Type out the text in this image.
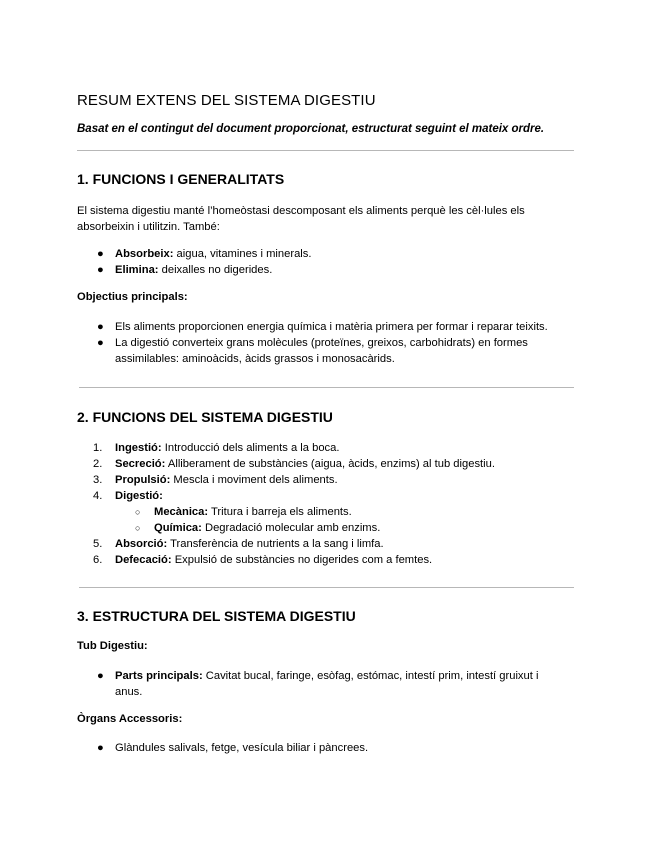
RESUM EXTENS DEL SISTEMA DIGESTIU

Basat en el contingut del document proporcionat, estructurat seguint el mateix ordre.

1. FUNCIONS I GENERALITATS

El sistema digestiu manté l’homeòstasi descomposant els aliments perquè les cèl·lules els
absorbeixin i utilitzin. També:

●	Absorbeix: aigua, vitamines i minerals.
●	Elimina: deixalles no digerides.

Objectius principals:

●	Els aliments proporcionen energia química i matèria primera per formar i reparar teixits.
●	La digestió converteix grans molècules (proteïnes, greixos, carbohidrats) en formes
assimilables: aminoàcids, àcids grassos i monosacàrids.
2. FUNCIONS DEL SISTEMA DIGESTIU
1.	Ingestió: Introducció dels aliments a la boca.
2.	Secreció: Alliberament de substàncies (aigua, àcids, enzims) al tub digestiu.
3.	Propulsió: Mescla i moviment dels aliments.
4.	Digestió:
○	Mecànica: Tritura i barreja els aliments.
○	Química: Degradació molecular amb enzims.
5.	Absorció: Transferència de nutrients a la sang i limfa.
6.	Defecació: Expulsió de substàncies no digerides com a femtes.
3. ESTRUCTURA DEL SISTEMA DIGESTIU

Tub Digestiu:

●	Parts principals: Cavitat bucal, faringe, esòfag, estómac, intestí prim, intestí gruixut i
anus.

Òrgans Accessoris:

●	Glàndules salivals, fetge, vesícula biliar i pàncrees.
